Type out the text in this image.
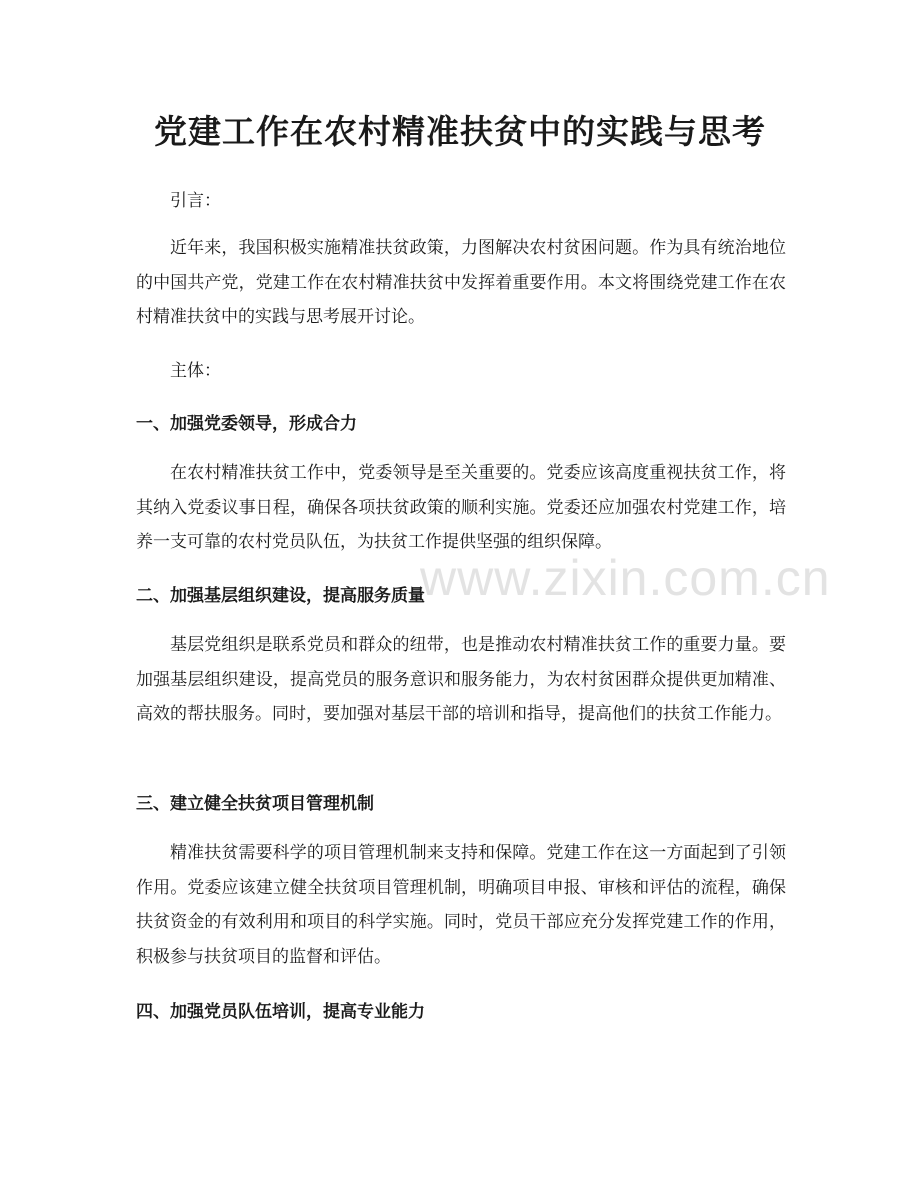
党建工作在农村精准扶贫中的实践与思考

引言：

近年来，我国积极实施精准扶贫政策，力图解决农村贫困问题。作为具有统治地位的中国共产党，党建工作在农村精准扶贫中发挥着重要作用。本文将围绕党建工作在农村精准扶贫中的实践与思考展开讨论。

主体：

一、加强党委领导，形成合力

在农村精准扶贫工作中，党委领导是至关重要的。党委应该高度重视扶贫工作，将其纳入党委议事日程，确保各项扶贫政策的顺利实施。党委还应加强农村党建工作，培养一支可靠的农村党员队伍，为扶贫工作提供坚强的组织保障。

二、加强基层组织建设，提高服务质量

基层党组织是联系党员和群众的纽带，也是推动农村精准扶贫工作的重要力量。要加强基层组织建设，提高党员的服务意识和服务能力，为农村贫困群众提供更加精准、高效的帮扶服务。同时，要加强对基层干部的培训和指导，提高他们的扶贫工作能力。

三、建立健全扶贫项目管理机制

精准扶贫需要科学的项目管理机制来支持和保障。党建工作在这一方面起到了引领作用。党委应该建立健全扶贫项目管理机制，明确项目申报、审核和评估的流程，确保扶贫资金的有效利用和项目的科学实施。同时，党员干部应充分发挥党建工作的作用，积极参与扶贫项目的监督和评估。

四、加强党员队伍培训，提高专业能力
www.zixin.com.cn
